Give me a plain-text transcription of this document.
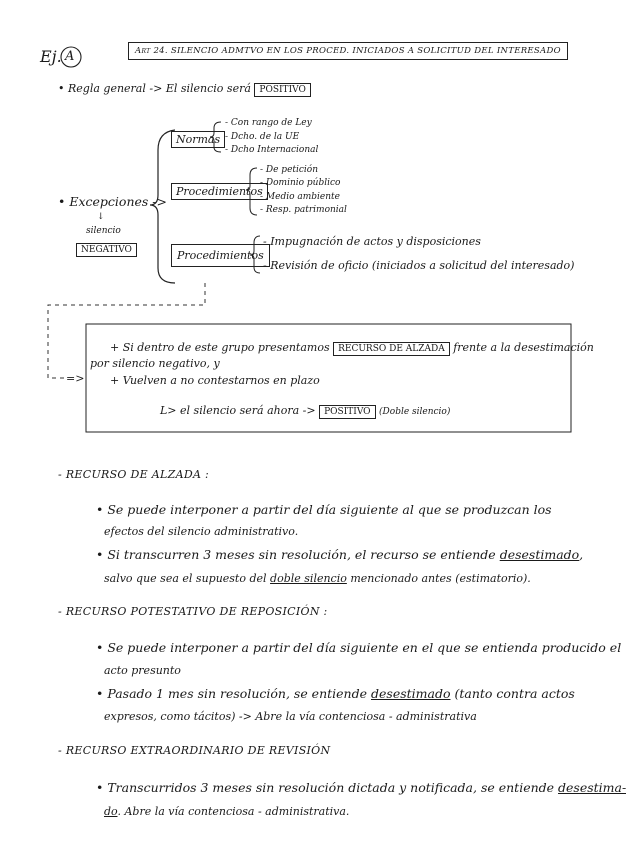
Ej. A	Art 24. SILENCIO ADMTVO EN LOS PROCED. INICIADOS A SOLICITUD DEL INTERESADO
• Regla general -> El silencio será POSITIVO
• Excepciones ->
↓
silencio
NEGATIVO
Normas
- Con rango de Ley
- Dcho. de la UE
- Dcho Internacional
Procedimientos
- De petición
- Dominio público
- Medio ambiente
- Resp. patrimonial
Procedimientos
- Impugnación de actos y disposiciones
- Revisión de oficio (iniciados a solicitud del interesado)
=>
+ Si dentro de este grupo presentamos RECURSO DE ALZADA frente a la desestimación
por silencio negativo, y
+ Vuelven a no contestarnos en plazo
L> el silencio será ahora -> POSITIVO (Doble silencio)
- RECURSO DE ALZADA :
• Se puede interponer a partir del día siguiente al que se produzcan los
efectos del silencio administrativo.
• Si transcurren 3 meses sin resolución, el recurso se entiende desestimado,
salvo que sea el supuesto del doble silencio mencionado antes (estimatorio).
- RECURSO POTESTATIVO DE REPOSICIÓN :
• Se puede interponer a partir del día siguiente en el que se entienda producido el
acto presunto
• Pasado 1 mes sin resolución, se entiende desestimado (tanto contra actos
expresos, como tácitos) -> Abre la vía contenciosa - administrativa
- RECURSO EXTRAORDINARIO DE REVISIÓN
• Transcurridos 3 meses sin resolución dictada y notificada, se entiende desestima-
do. Abre la vía contenciosa - administrativa.
